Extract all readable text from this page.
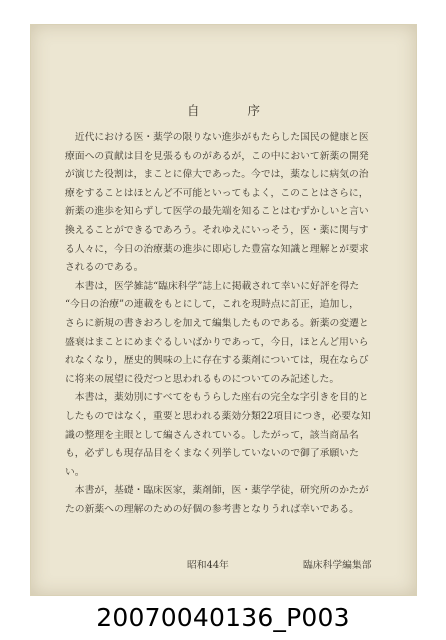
自 序
　近代における医・薬学の限りない進歩がもたらした国民の健康と医
療面への貢献は目を見張るものがあるが，この中において新薬の開発
が演じた役割は，まことに偉大であった。今では，薬なしに病気の治
療をすることはほとんど不可能といってもよく，このことはさらに，
新薬の進歩を知らずして医学の最先端を知ることはむずかしいと言い
換えることができるであろう。それゆえにいっそう，医・薬に関与す
る人々に，今日の治療薬の進歩に即応した豊富な知識と理解とが要求
されるのである。
　本書は，医学雑誌“臨床科学”誌上に掲載されて幸いに好評を得た
“今日の治療”の連載をもとにして，これを現時点に訂正，追加し，
さらに新規の書きおろしを加えて編集したものである。新薬の変遷と
盛衰はまことにめまぐるしいばかりであって，今日，ほとんど用いら
れなくなり，歴史的興味の上に存在する薬剤については，現在ならび
に将来の展望に役だつと思われるものについてのみ記述した。
　本書は，薬効別にすべてをもうらした座右の完全な字引きを目的と
したものではなく，重要と思われる薬効分類22項目につき，必要な知
識の整理を主眼として編さんされている。したがって，該当商品名
も，必ずしも現存品目をくまなく列挙していないので御了承願いた
い。
　本書が，基礎・臨床医家，薬剤師，医・薬学学徒，研究所のかたが
たの新薬への理解のための好個の参考書となりうれば幸いである。
昭和44年	臨床科学編集部
20070040136_P003
